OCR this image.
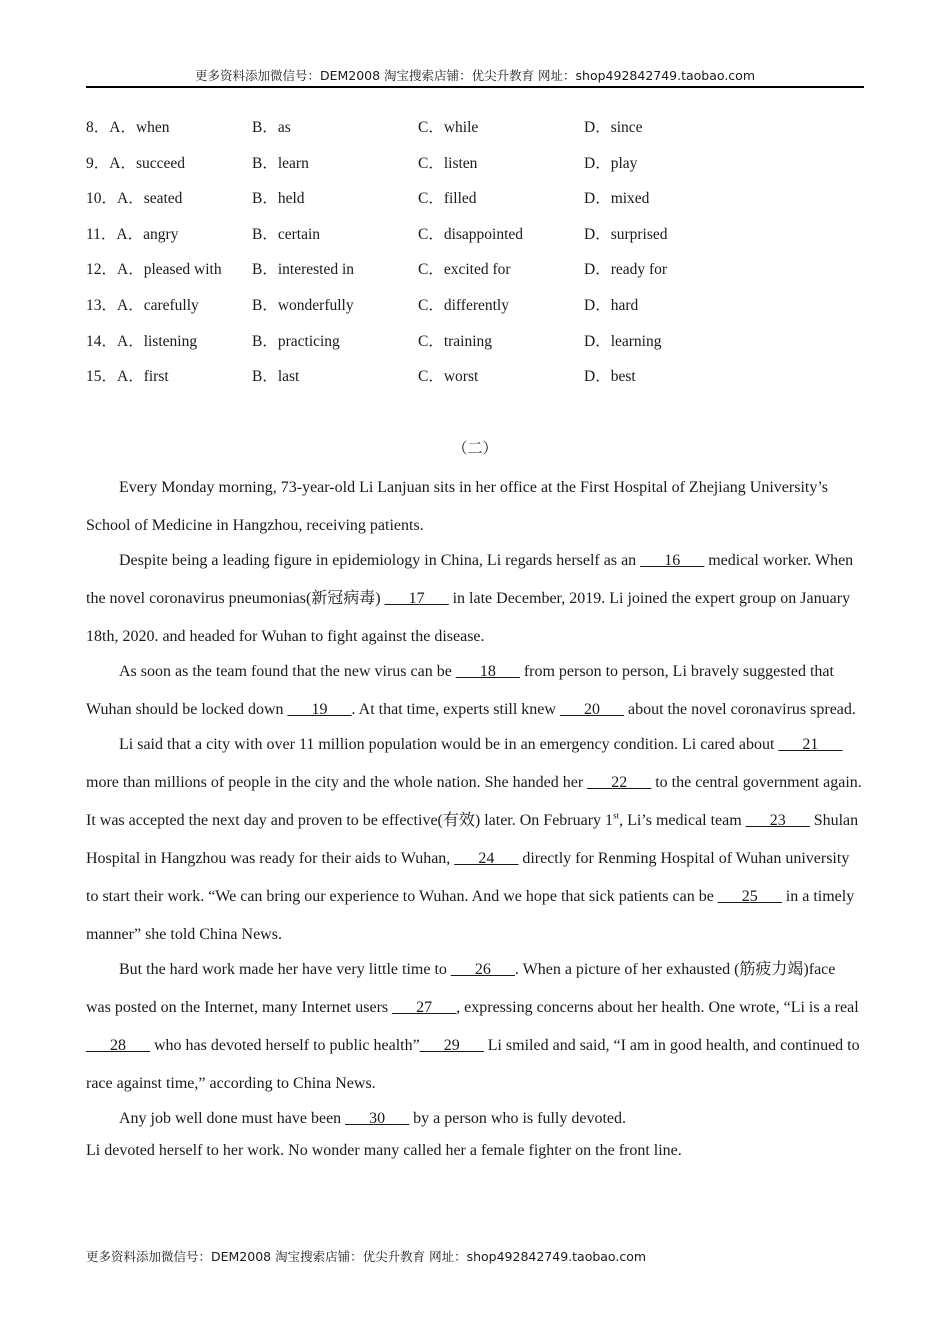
更多资料添加微信号：DEM2008 淘宝搜索店铺：优尖升教育 网址：shop492842749.taobao.com
8．A．when	B．as	C．while	D．since
9．A．succeed	B．learn	C．listen	D．play
10．A．seated	B．held	C．filled	D．mixed
11．A．angry	B．certain	C．disappointed	D．surprised
12．A．pleased with	B．interested in	C．excited for	D．ready for
13．A．carefully	B．wonderfully	C．differently	D．hard
14．A．listening	B．practicing	C．training	D．learning
15．A．first	B．last	C．worst	D．best
（二）

Every Monday morning, 73-year-old Li Lanjuan sits in her office at the First Hospital of Zhejiang University’s School of Medicine in Hangzhou, receiving patients.

Despite being a leading figure in epidemiology in China, Li regards herself as an ___16___ medical worker. When the novel coronavirus pneumonias(新冠病毒) ___17___ in late December, 2019. Li joined the expert group on January 18th, 2020. and headed for Wuhan to fight against the disease.

As soon as the team found that the new virus can be ___18___ from person to person, Li bravely suggested that Wuhan should be locked down ___19___. At that time, experts still knew ___20___ about the novel coronavirus spread.

Li said that a city with over 11 million population would be in an emergency condition. Li cared about ___21___ more than millions of people in the city and the whole nation. She handed her ___22___ to the central government again. It was accepted the next day and proven to be effective(有效) later. On February 1st, Li’s medical team ___23___ Shulan Hospital in Hangzhou was ready for their aids to Wuhan, ___24___ directly for Renming Hospital of Wuhan university to start their work. “We can bring our experience to Wuhan. And we hope that sick patients can be ___25___ in a timely manner” she told China News.

But the hard work made her have very little time to ___26___. When a picture of her exhausted (筋疲力竭)face was posted on the Internet, many Internet users ___27___, expressing concerns about her health. One wrote, “Li is a real ___28___ who has devoted herself to public health”___29___ Li smiled and said, “I am in good health, and continued to race against time,” according to China News.

Any job well done must have been ___30___ by a person who is fully devoted.

Li devoted herself to her work. No wonder many called her a female fighter on the front line.

更多资料添加微信号：DEM2008 淘宝搜索店铺：优尖升教育 网址：shop492842749.taobao.com
